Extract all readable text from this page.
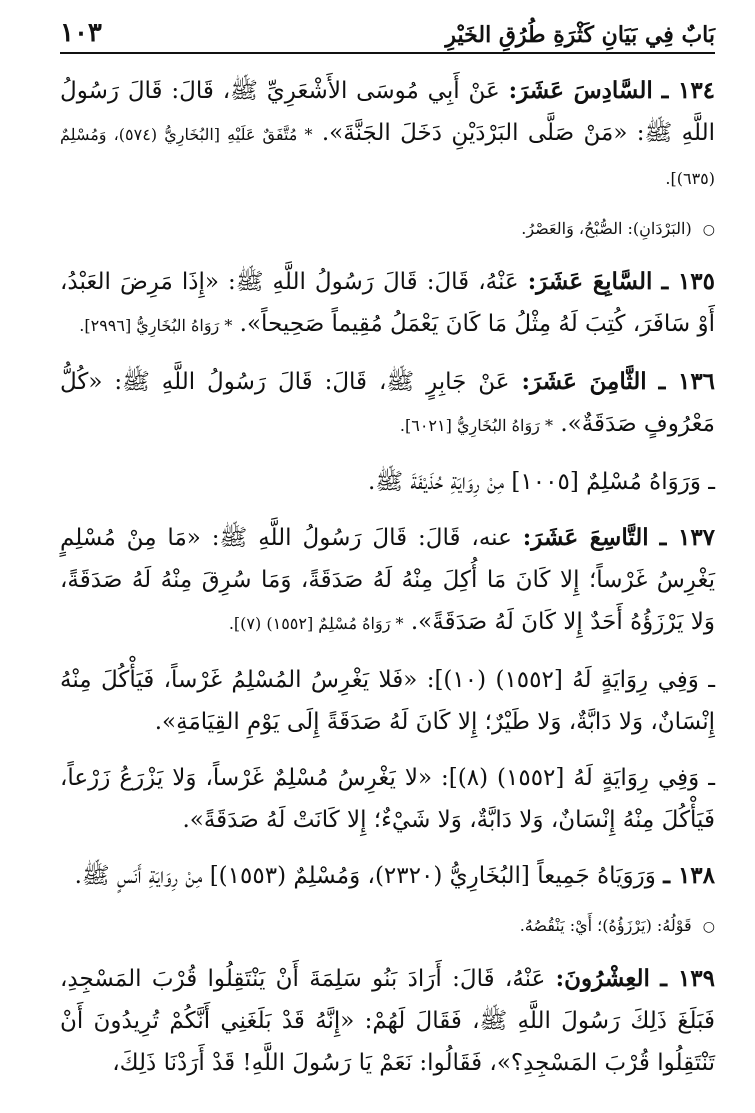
بَابٌ فِي بَيَانِ كَثْرَةِ طُرُقِ الخَيْرِ
١٠٣

١٣٤ ـ السَّادِسَ عَشَرَ: عَنْ أَبِي مُوسَى الأَشْعَرِيِّ ﷺ، قَالَ: قَالَ رَسُولُ اللَّهِ ﷺ: «مَنْ صَلَّى البَرْدَيْنِ دَخَلَ الجَنَّةَ». * مُتَّفَقٌ عَلَيْهِ [البُخَارِيُّ (٥٧٤)، وَمُسْلِمٌ (٦٣٥)].

○ (البَرْدَانِ): الصُّبْحُ، وَالعَصْرُ.

١٣٥ ـ السَّابِعَ عَشَرَ: عَنْهُ، قَالَ: قَالَ رَسُولُ اللَّهِ ﷺ: «إِذَا مَرِضَ العَبْدُ، أَوْ سَافَرَ، كُتِبَ لَهُ مِثْلُ مَا كَانَ يَعْمَلُ مُقِيماً صَحِيحاً». * رَوَاهُ البُخَارِيُّ [٢٩٩٦].

١٣٦ ـ الثَّامِنَ عَشَرَ: عَنْ جَابِرٍ ﷺ، قَالَ: قَالَ رَسُولُ اللَّهِ ﷺ: «كُلُّ مَعْرُوفٍ صَدَقَةٌ». * رَوَاهُ البُخَارِيُّ [٦٠٢١].

ـ وَرَوَاهُ مُسْلِمٌ [١٠٠٥] مِنْ رِوَايَةِ حُذَيْفَةَ ﷺ.

١٣٧ ـ التَّاسِعَ عَشَرَ: عنه، قَالَ: قَالَ رَسُولُ اللَّهِ ﷺ: «مَا مِنْ مُسْلِمٍ يَغْرِسُ غَرْساً؛ إِلا كَانَ مَا أُكِلَ مِنْهُ لَهُ صَدَقَةً، وَمَا سُرِقَ مِنْهُ لَهُ صَدَقَةً، وَلا يَرْزَؤُهُ أَحَدٌ إِلا كَانَ لَهُ صَدَقَةً». * رَوَاهُ مُسْلِمٌ [١٥٥٢) (٧)].

ـ وَفِي رِوَايَةٍ لَهُ [١٥٥٢) (١٠)]: «فَلا يَغْرِسُ المُسْلِمُ غَرْساً، فَيَأْكُلَ مِنْهُ إِنْسَانٌ، وَلا دَابَّةٌ، وَلا طَيْرٌ؛ إِلا كَانَ لَهُ صَدَقَةً إِلَى يَوْمِ القِيَامَةِ».

ـ وَفِي رِوَايَةٍ لَهُ [١٥٥٢) (٨)]: «لا يَغْرِسُ مُسْلِمٌ غَرْساً، وَلا يَزْرَعُ زَرْعاً، فَيَأْكُلَ مِنْهُ إِنْسَانٌ، وَلا دَابَّةٌ، وَلا شَيْءٌ؛ إِلا كَانَتْ لَهُ صَدَقَةً».

١٣٨ ـ وَرَوَيَاهُ جَمِيعاً [البُخَارِيُّ (٢٣٢٠)، وَمُسْلِمٌ (١٥٥٣)] مِنْ رِوَايَةِ أَنَسٍ ﷺ.

○ قَوْلُهُ: (يَرْزَؤُهُ)؛ أَيْ: يَنْقُصُهُ.

١٣٩ ـ العِشْرُونَ: عَنْهُ، قَالَ: أَرَادَ بَنُو سَلِمَةَ أَنْ يَنْتَقِلُوا قُرْبَ المَسْجِدِ، فَبَلَغَ ذَلِكَ رَسُولَ اللَّهِ ﷺ، فَقَالَ لَهُمْ: «إِنَّهُ قَدْ بَلَغَنِي أَنَّكُمْ تُرِيدُونَ أَنْ تَنْتَقِلُوا قُرْبَ المَسْجِدِ؟»، فَقَالُوا: نَعَمْ يَا رَسُولَ اللَّهِ! قَدْ أَرَدْنَا ذَلِكَ،
